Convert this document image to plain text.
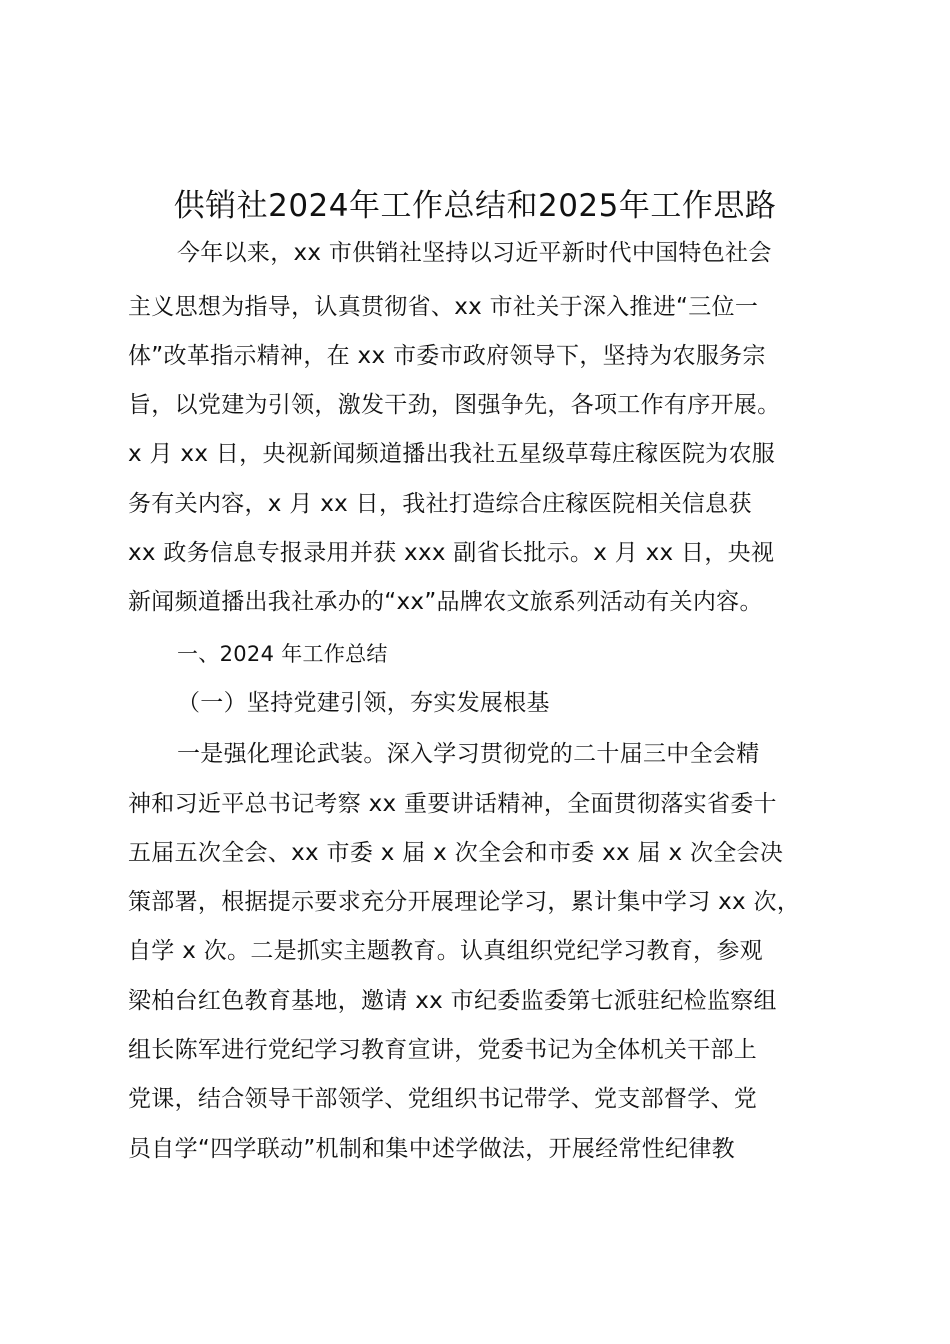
供销社2024年工作总结和2025年工作思路
今年以来，xx 市供销社坚持以习近平新时代中国特色社会
主义思想为指导，认真贯彻省、xx 市社关于深入推进“三位一
体”改革指示精神，在 xx 市委市政府领导下，坚持为农服务宗
旨，以党建为引领，激发干劲，图强争先，各项工作有序开展。
x 月 xx 日，央视新闻频道播出我社五星级草莓庄稼医院为农服
务有关内容，x 月 xx 日，我社打造综合庄稼医院相关信息获
xx 政务信息专报录用并获 xxx 副省长批示。x 月 xx 日，央视
新闻频道播出我社承办的“xx”品牌农文旅系列活动有关内容。
一、2024 年工作总结
（一）坚持党建引领，夯实发展根基
一是强化理论武装。深入学习贯彻党的二十届三中全会精
神和习近平总书记考察 xx 重要讲话精神，全面贯彻落实省委十
五届五次全会、xx 市委 x 届 x 次全会和市委 xx 届 x 次全会决
策部署，根据提示要求充分开展理论学习，累计集中学习 xx 次，
自学 x 次。二是抓实主题教育。认真组织党纪学习教育，参观
梁柏台红色教育基地，邀请 xx 市纪委监委第七派驻纪检监察组
组长陈军进行党纪学习教育宣讲，党委书记为全体机关干部上
党课，结合领导干部领学、党组织书记带学、党支部督学、党
员自学“四学联动”机制和集中述学做法，开展经常性纪律教
